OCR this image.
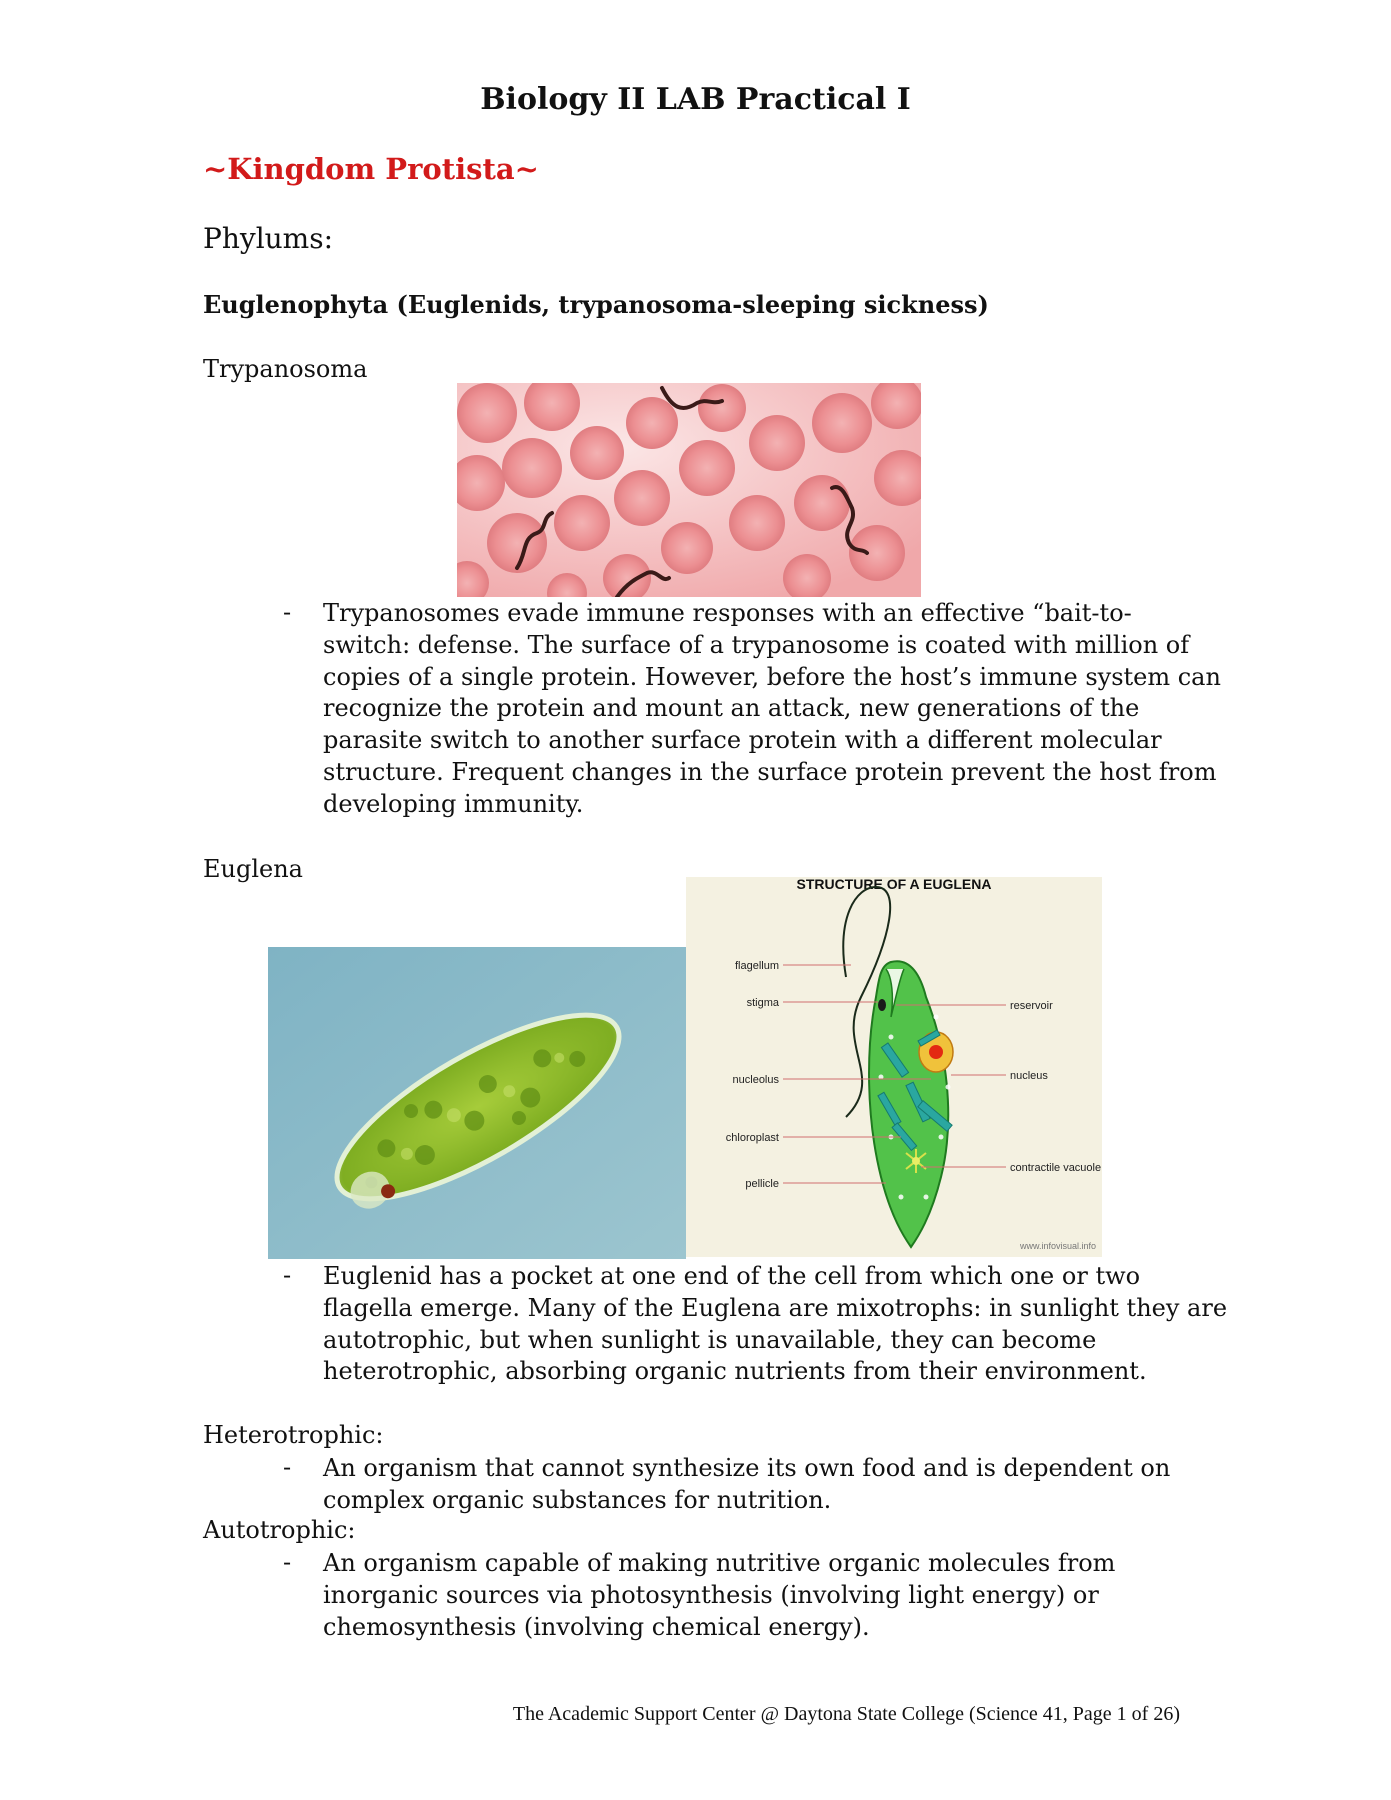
Biology II LAB Practical I
~Kingdom Protista~
Phylums:
Euglenophyta (Euglenids, trypanosoma-sleeping sickness)
Trypanosoma
- Trypanosomes evade immune responses with an effective “bait-to-
switch: defense. The surface of a trypanosome is coated with million of
copies of a single protein. However, before the host’s immune system can
recognize the protein and mount an attack, new generations of the
parasite switch to another surface protein with a different molecular
structure. Frequent changes in the surface protein prevent the host from
developing immunity.
Euglena
STRUCTURE OF A EUGLENA
flagellum
stigma
nucleolus
chloroplast
pellicle
reservoir
nucleus
contractile vacuole
www.infovisual.info
- Euglenid has a pocket at one end of the cell from which one or two
flagella emerge. Many of the Euglena are mixotrophs: in sunlight they are
autotrophic, but when sunlight is unavailable, they can become
heterotrophic, absorbing organic nutrients from their environment.
Heterotrophic:
- An organism that cannot synthesize its own food and is dependent on
complex organic substances for nutrition.
Autotrophic:
- An organism capable of making nutritive organic molecules from
inorganic sources via photosynthesis (involving light energy) or
chemosynthesis (involving chemical energy).
The Academic Support Center @ Daytona State College (Science 41, Page 1 of 26)
